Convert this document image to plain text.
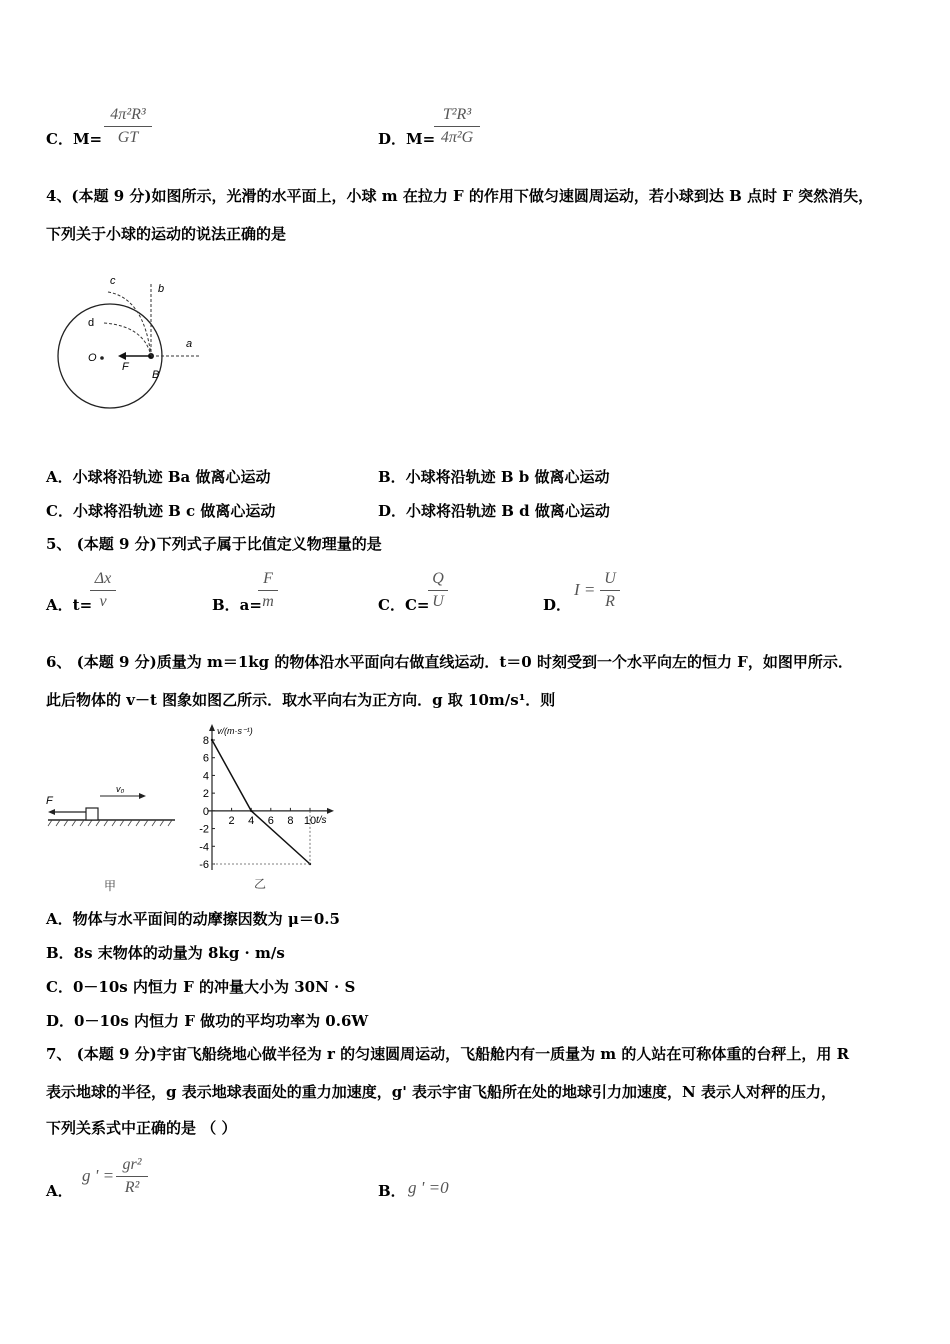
C．M=
4π²R³
GT	D．M=
T²R³
4π²G
4、(本题 9 分)如图所示，光滑的水平面上，小球 m 在拉力 F 的作用下做匀速圆周运动，若小球到达 B 点时 F 突然消失，
下列关于小球的运动的说法正确的是
c
b
d
a
O
F
B
A．小球将沿轨迹 Ba 做离心运动	B．小球将沿轨迹 B b 做离心运动
C．小球将沿轨迹 B c 做离心运动	D．小球将沿轨迹 B d 做离心运动
5、 (本题 9 分)下列式子属于比值定义物理量的是
A．t=
Δx
v	B．a=
F
m	C．C=
Q
U	D．
I =
U
R
6、 (本题 9 分)质量为 m＝1kg 的物体沿水平面向右做直线运动．t＝0 时刻受到一个水平向左的恒力 F，如图甲所示．
此后物体的 v－t 图象如图乙所示．取水平向右为正方向．g 取 10m/s¹．则
F
v₀
甲
8
6
4
2
0
-2
-4
-6
2 4 6 8 10
v/(m·s⁻¹)
t/s
乙
A．物体与水平面间的动摩擦因数为 μ＝0.5
B．8s 末物体的动量为 8kg · m/s
C．0－10s 内恒力 F 的冲量大小为 30N · S
D．0－10s 内恒力 F 做功的平均功率为 0.6W
7、 (本题 9 分)宇宙飞船绕地心做半径为 r 的匀速圆周运动，飞船舱内有一质量为 m 的人站在可称体重的台秤上，用 R
表示地球的半径，g 表示地球表面处的重力加速度，g' 表示宇宙飞船所在处的地球引力加速度，N 表示人对秤的压力，
下列关系式中正确的是 （ ）
A．
g ' =
gr²
R²	B． g ' =0
